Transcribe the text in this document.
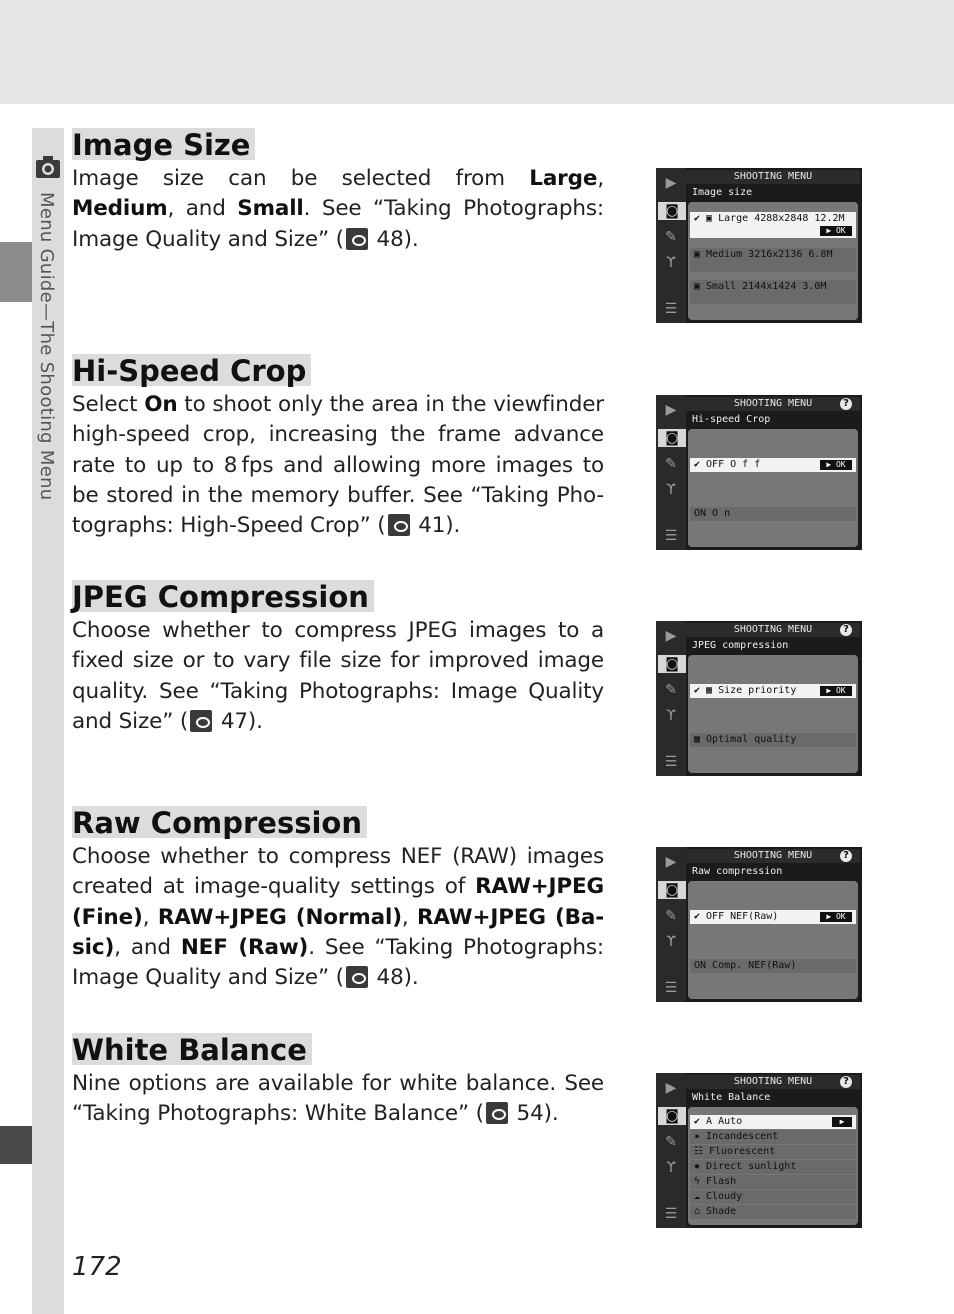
Menu Guide—The Shooting Menu
Image Size

Image size can be selected from Large, Medium, and Small. See “Taking Photographs: Image Quality and Size” ( 48).

Hi-Speed Crop

Select On to shoot only the area in the viewfinder high-speed crop, increasing the frame advance rate to up to 8 fps and allowing more images to be stored in the memory buffer. See “Taking Pho-tographs: High-Speed Crop” ( 41).

JPEG Compression

Choose whether to compress JPEG images to a fixed size or to vary file size for improved image quality. See “Taking Photographs: Image Quality and Size” ( 47).

Raw Compression

Choose whether to compress NEF (RAW) images created at image-quality settings of RAW+JPEG (Fine), RAW+JPEG (Normal), RAW+JPEG (Ba-sic), and NEF (Raw). See “Taking Photographs: Image Quality and Size” ( 48).

White Balance

Nine options are available for white balance. See “Taking Photographs: White Balance” ( 54).

▶
◙
✎
ϒ
☰
SHOOTING MENU
Image size
✔ ▣ Large 4288x2848 12.2M
▶ OK
▣ Medium 3216x2136 6.8M
▣ Small 2144x1424 3.0M
▶
◙
✎
ϒ
☰
SHOOTING MENU	?
Hi-speed Crop
✔ OFF O f f	▶ OK
ON O n
▶
◙
✎
ϒ
☰
SHOOTING MENU	?
JPEG compression
✔ ▦ Size priority	▶ OK
▦ Optimal quality
▶
◙
✎
ϒ
☰
SHOOTING MENU	?
Raw compression
✔ OFF NEF(Raw)	▶ OK
ON Comp. NEF(Raw)
▶
◙
✎
ϒ
☰
SHOOTING MENU	?
White Balance
✔ A Auto	▶
✷ Incandescent
☷ Fluorescent
✹ Direct sunlight
ϟ Flash
☁ Cloudy
⌂ Shade
172
